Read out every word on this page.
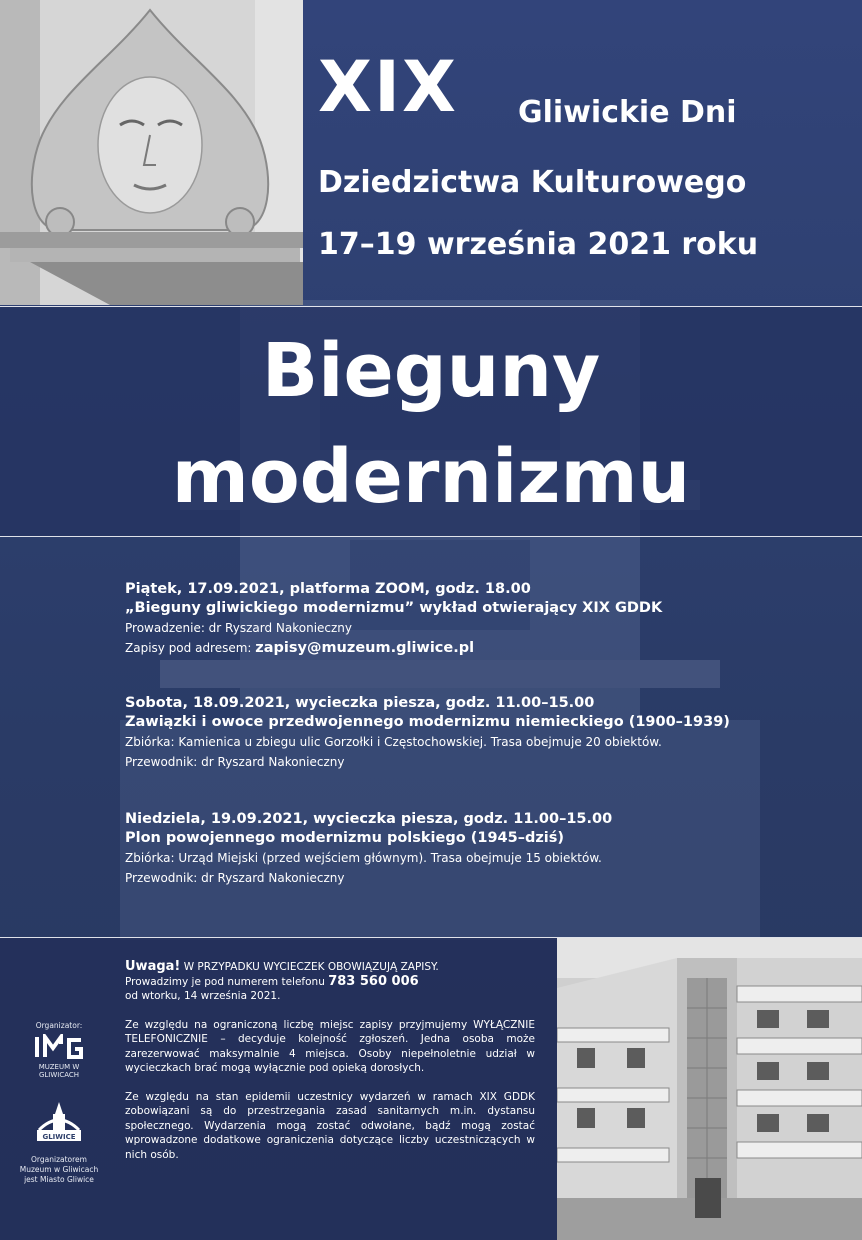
XIX Gliwickie Dni
Dziedzictwa Kulturowego
17–19 września 2021 roku
Bieguny
modernizmu
Piątek, 17.09.2021, platforma ZOOM, godz. 18.00
„Bieguny gliwickiego modernizmu” wykład otwierający XIX GDDK
Prowadzenie: dr Ryszard Nakonieczny
Zapisy pod adresem: zapisy@muzeum.gliwice.pl
Sobota, 18.09.2021, wycieczka piesza, godz. 11.00–15.00
Zawiązki i owoce przedwojennego modernizmu niemieckiego (1900–1939)
Zbiórka: Kamienica u zbiegu ulic Gorzołki i Częstochowskiej. Trasa obejmuje 20 obiektów.
Przewodnik: dr Ryszard Nakonieczny
Niedziela, 19.09.2021, wycieczka piesza, godz. 11.00–15.00
Plon powojennego modernizmu polskiego (1945–dziś)
Zbiórka: Urząd Miejski (przed wejściem głównym). Trasa obejmuje 15 obiektów.
Przewodnik: dr Ryszard Nakonieczny

Uwaga! W PRZYPADKU WYCIECZEK OBOWIĄZUJĄ ZAPISY.
Prowadzimy je pod numerem telefonu 783 560 006
od wtorku, 14 września 2021.

Ze względu na ograniczoną liczbę miejsc zapisy przyjmujemy WYŁĄCZNIE TELEFONICZNIE – decyduje kolejność zgłoszeń. Jedna osoba może zarezerwować maksymalnie 4 miejsca. Osoby niepełnoletnie udział w wycieczkach brać mogą wyłącznie pod opieką dorosłych.

Ze względu na stan epidemii uczestnicy wydarzeń w ramach XIX GDDK zobowiązani są do przestrzegania zasad sanitarnych m.in. dystansu społecznego. Wydarzenia mogą zostać odwołane, bądź mogą zostać wprowadzone dodatkowe ograniczenia dotyczące liczby uczestniczących w nich osób.

Organizator:
MUZEUM W GLIWICACH
GLIWICE
Organizatorem Muzeum w Gliwicach jest Miasto Gliwice
